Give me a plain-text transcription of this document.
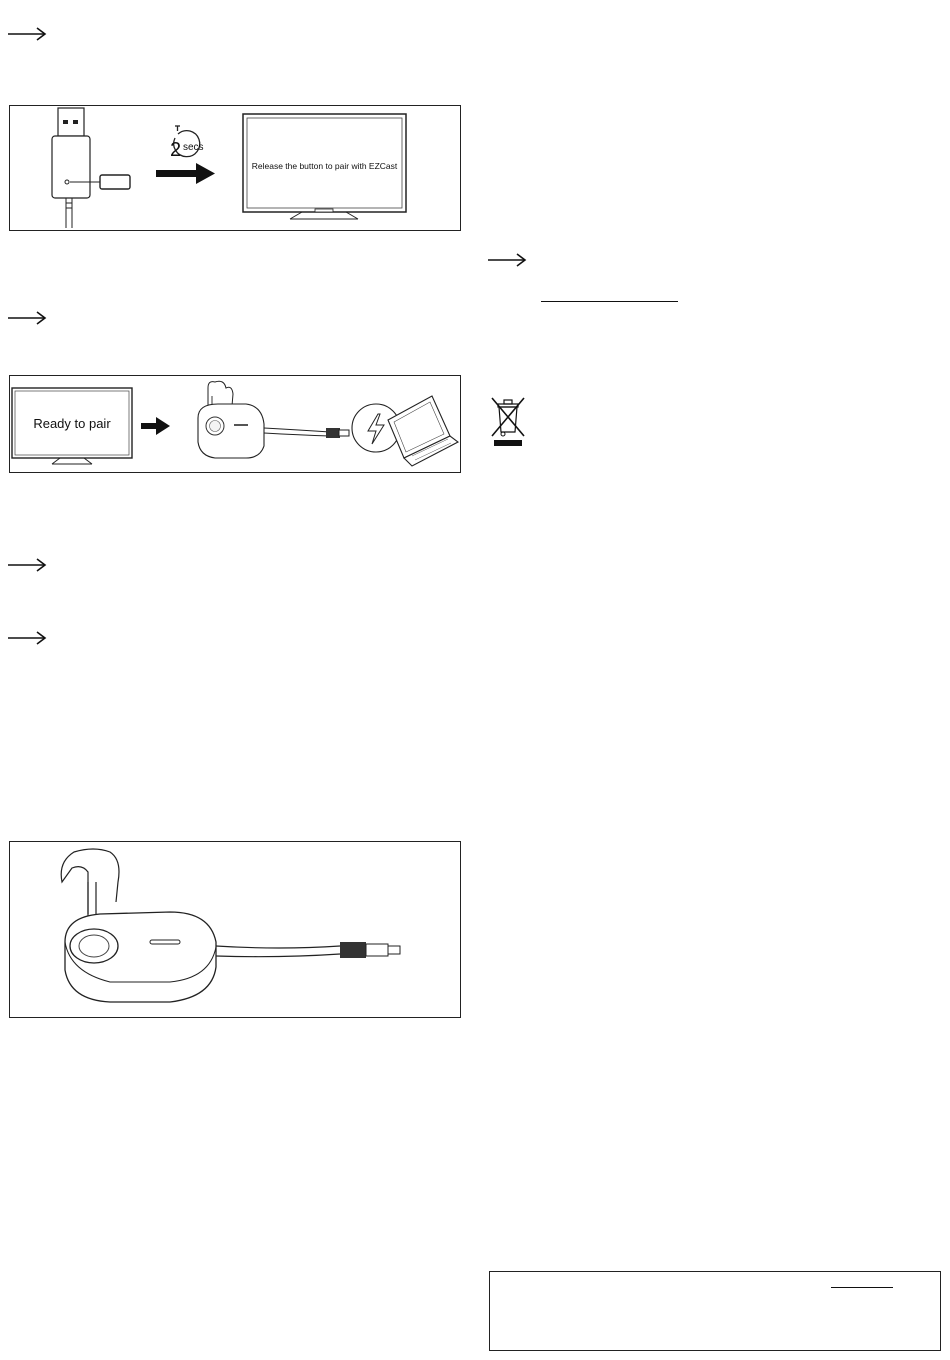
2 secs
Release the button to pair with EZCast
Ready to pair
